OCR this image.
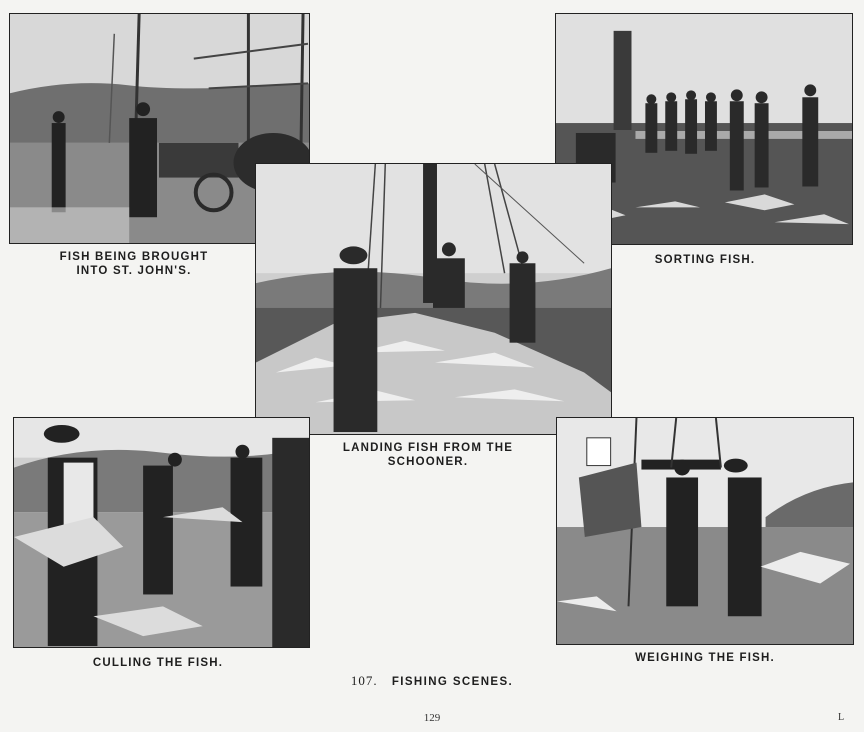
FISH BEING BROUGHT
INTO ST. JOHN'S.
SORTING FISH.
LANDING FISH FROM THE
SCHOONER.
CULLING THE FISH.	WEIGHING THE FISH.
107. FISHING SCENES.
129	L
